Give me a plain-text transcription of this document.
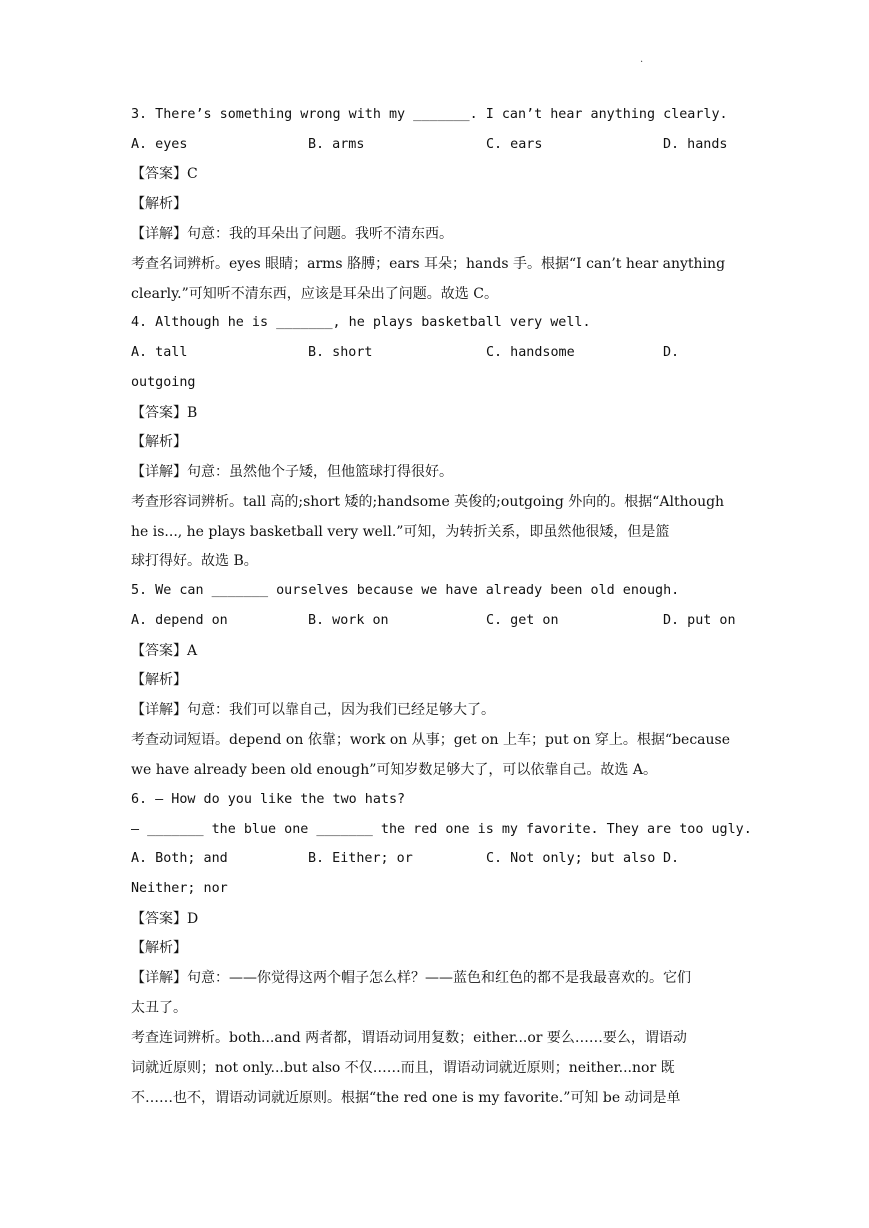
.
3. There’s something wrong with my _______. I can’t hear anything clearly.
A. eyes	B. arms	C. ears	D. hands
【答案】C
【解析】
【详解】句意：我的耳朵出了问题。我听不清东西。
考查名词辨析。eyes 眼睛；arms 胳膊；ears 耳朵；hands 手。根据“I can’t hear anything
clearly.”可知听不清东西，应该是耳朵出了问题。故选 C。
4. Although he is _______, he plays basketball very well.
A. tall	B. short	C. handsome	D.
outgoing
【答案】B
【解析】
【详解】句意：虽然他个子矮，但他篮球打得很好。
考查形容词辨析。tall 高的;short 矮的;handsome 英俊的;outgoing 外向的。根据“Although
he is..., he plays basketball very well.”可知，为转折关系，即虽然他很矮，但是篮
球打得好。故选 B。
5. We can _______ ourselves because we have already been old enough.
A. depend on	B. work on	C. get on	D. put on
【答案】A
【解析】
【详解】句意：我们可以靠自己，因为我们已经足够大了。
考查动词短语。depend on 依靠；work on 从事；get on 上车；put on 穿上。根据“because
we have already been old enough”可知岁数足够大了，可以依靠自己。故选 A。
6. — How do you like the two hats?
— _______ the blue one _______ the red one is my favorite. They are too ugly.
A. Both; and	B. Either; or	C. Not only; but also D.
Neither; nor
【答案】D
【解析】
【详解】句意：——你觉得这两个帽子怎么样？——蓝色和红色的都不是我最喜欢的。它们
太丑了。
考查连词辨析。both...and 两者都，谓语动词用复数；either...or 要么……要么，谓语动
词就近原则；not only...but also 不仅……而且，谓语动词就近原则；neither...nor 既
不……也不，谓语动词就近原则。根据“the red one is my favorite.”可知 be 动词是单
